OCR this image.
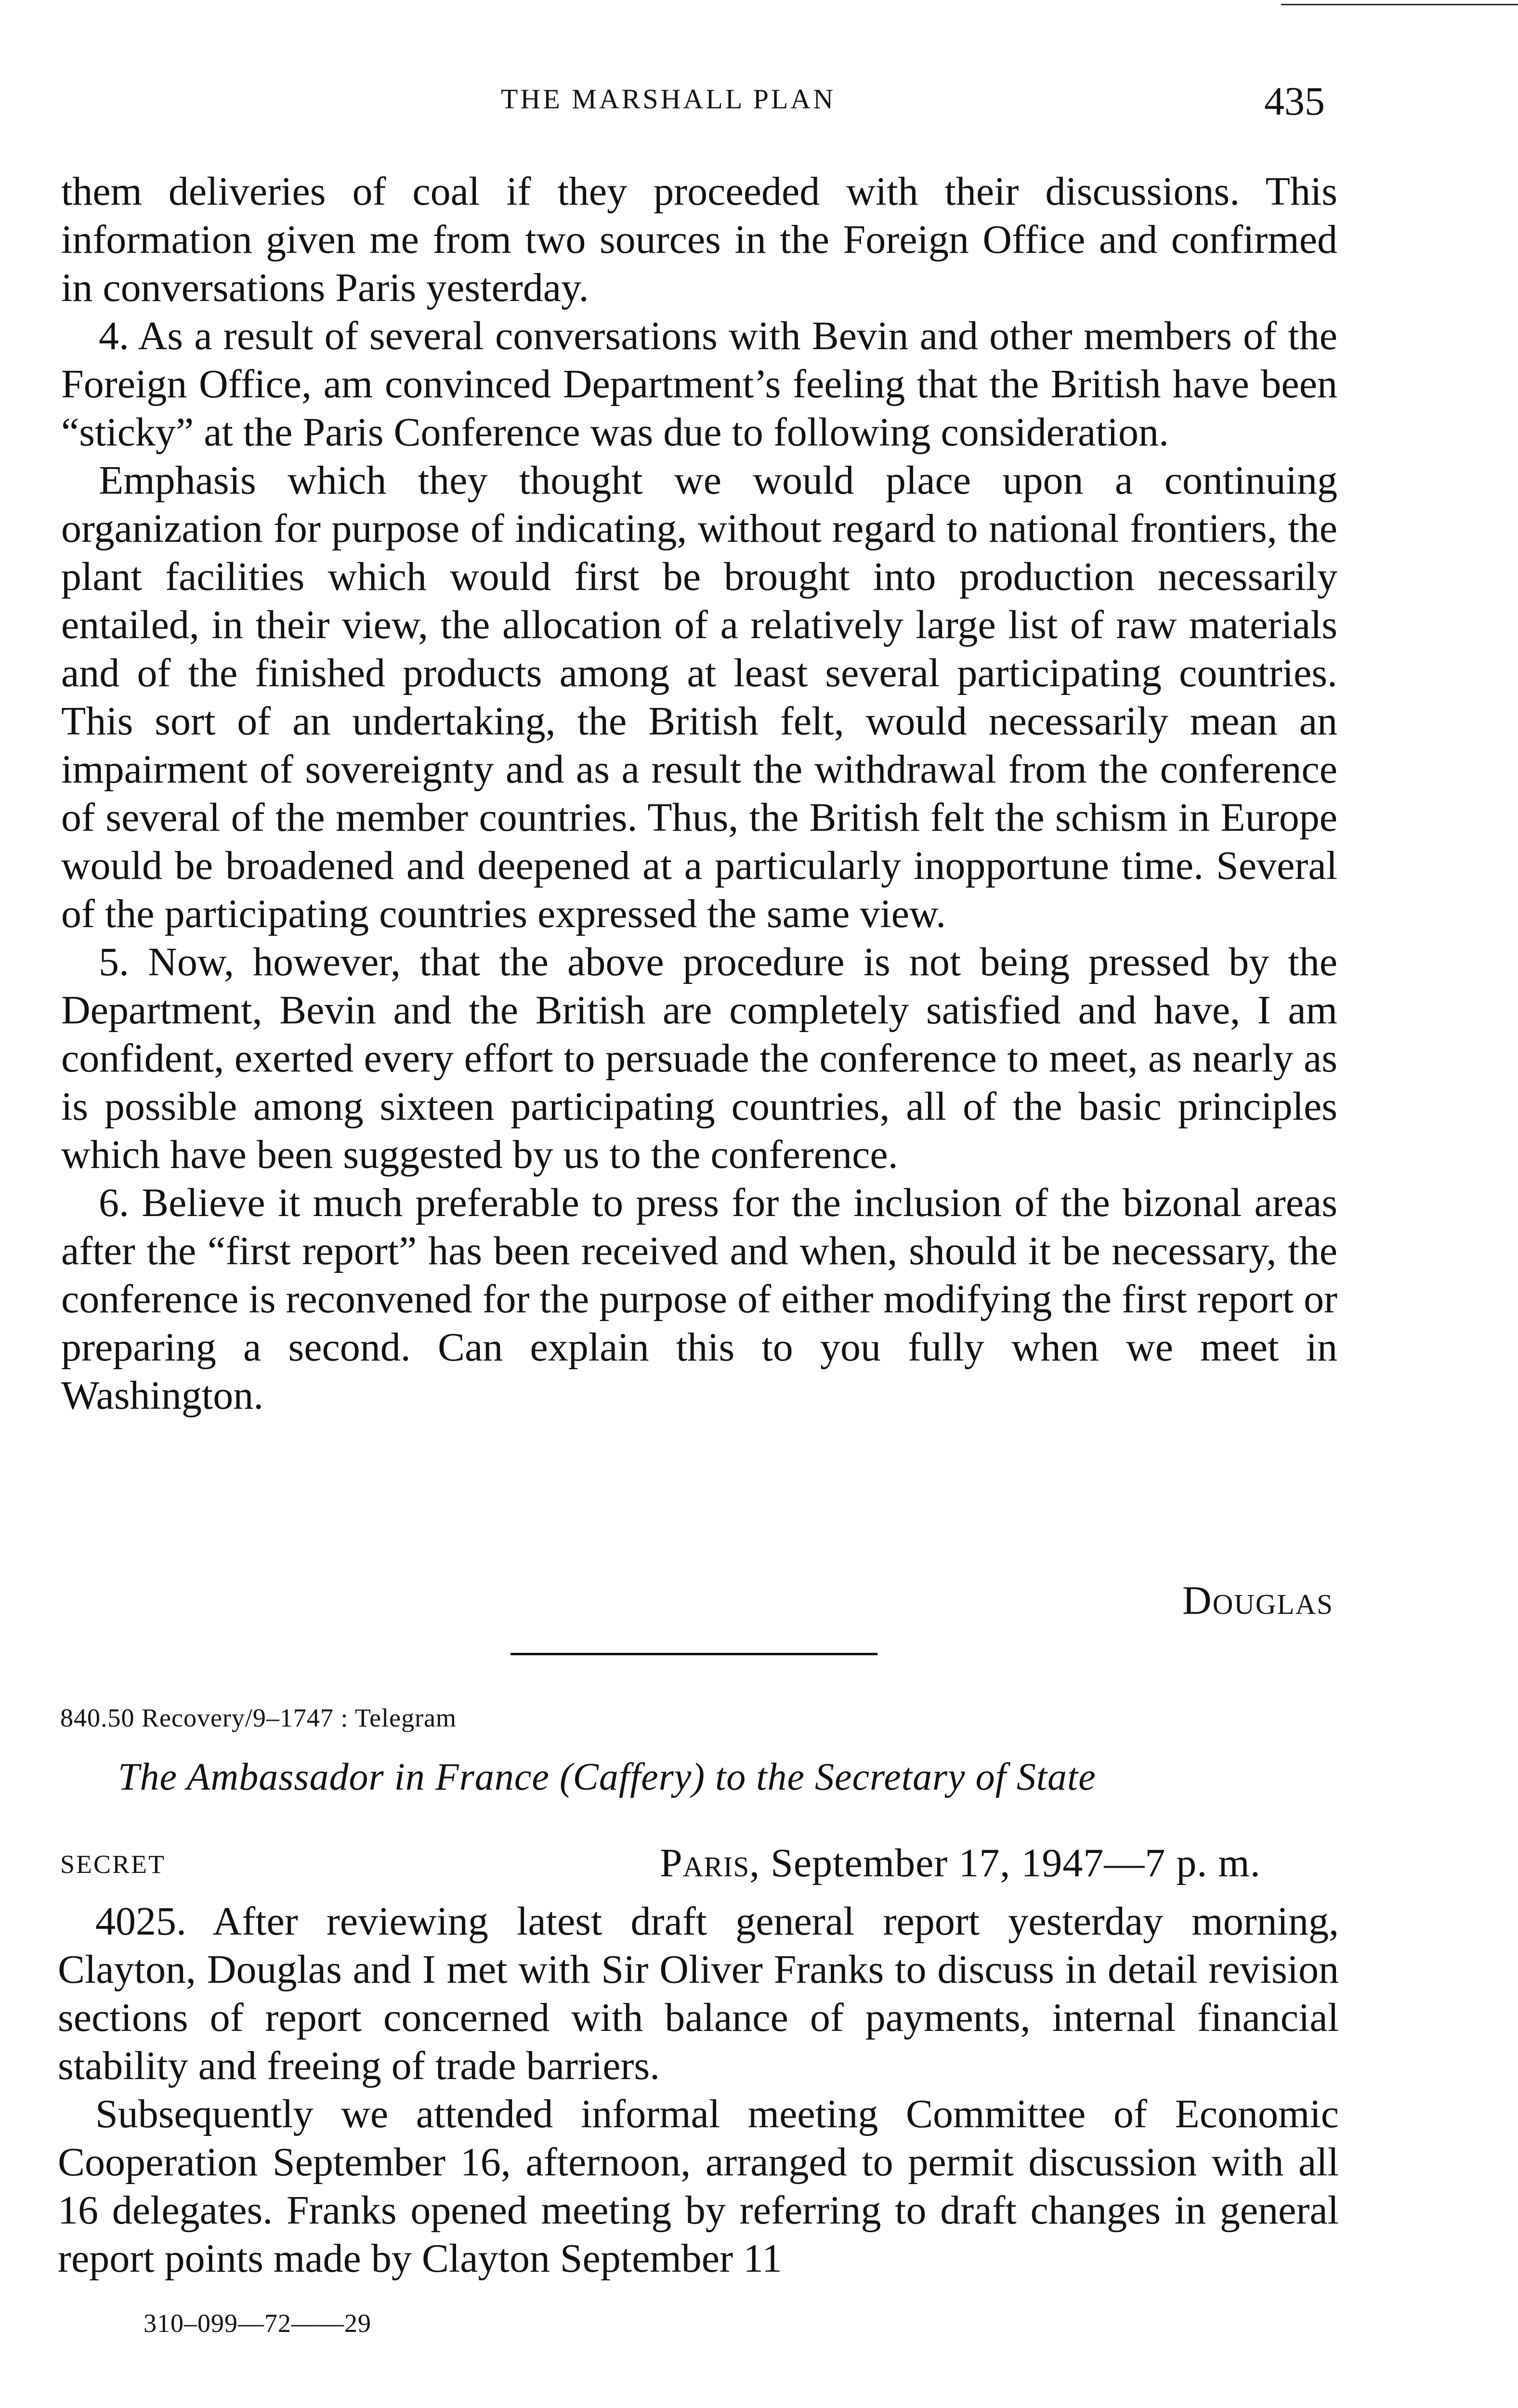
THE MARSHALL PLAN	435

them deliveries of coal if they proceeded with their discussions. This information given me from two sources in the Foreign Office and confirmed in conversations Paris yesterday.

4. As a result of several conversations with Bevin and other members of the Foreign Office, am convinced Department’s feeling that the British have been “sticky” at the Paris Conference was due to following consideration.

Emphasis which they thought we would place upon a continuing organization for purpose of indicating, without regard to national frontiers, the plant facilities which would first be brought into production necessarily entailed, in their view, the allocation of a relatively large list of raw materials and of the finished products among at least several participating countries. This sort of an undertaking, the British felt, would necessarily mean an impairment of sovereignty and as a result the withdrawal from the conference of several of the member countries. Thus, the British felt the schism in Europe would be broadened and deepened at a particularly inopportune time. Several of the participating countries expressed the same view.

5. Now, however, that the above procedure is not being pressed by the Department, Bevin and the British are completely satisfied and have, I am confident, exerted every effort to persuade the conference to meet, as nearly as is possible among sixteen participating countries, all of the basic principles which have been suggested by us to the conference.

6. Believe it much preferable to press for the inclusion of the bizonal areas after the “first report” has been received and when, should it be necessary, the conference is reconvened for the purpose of either modifying the first report or preparing a second. Can explain this to you fully when we meet in Washington.

Douglas
840.50 Recovery/9–1747 : Telegram
The Ambassador in France (Caffery) to the Secretary of State
SECRET	Paris, September 17, 1947—7 p. m.

4025. After reviewing latest draft general report yesterday morning, Clayton, Douglas and I met with Sir Oliver Franks to discuss in detail revision sections of report concerned with balance of payments, internal financial stability and freeing of trade barriers.

Subsequently we attended informal meeting Committee of Economic Cooperation September 16, afternoon, arranged to permit discussion with all 16 delegates. Franks opened meeting by referring to draft changes in general report points made by Clayton September 11

310–099—72——29
